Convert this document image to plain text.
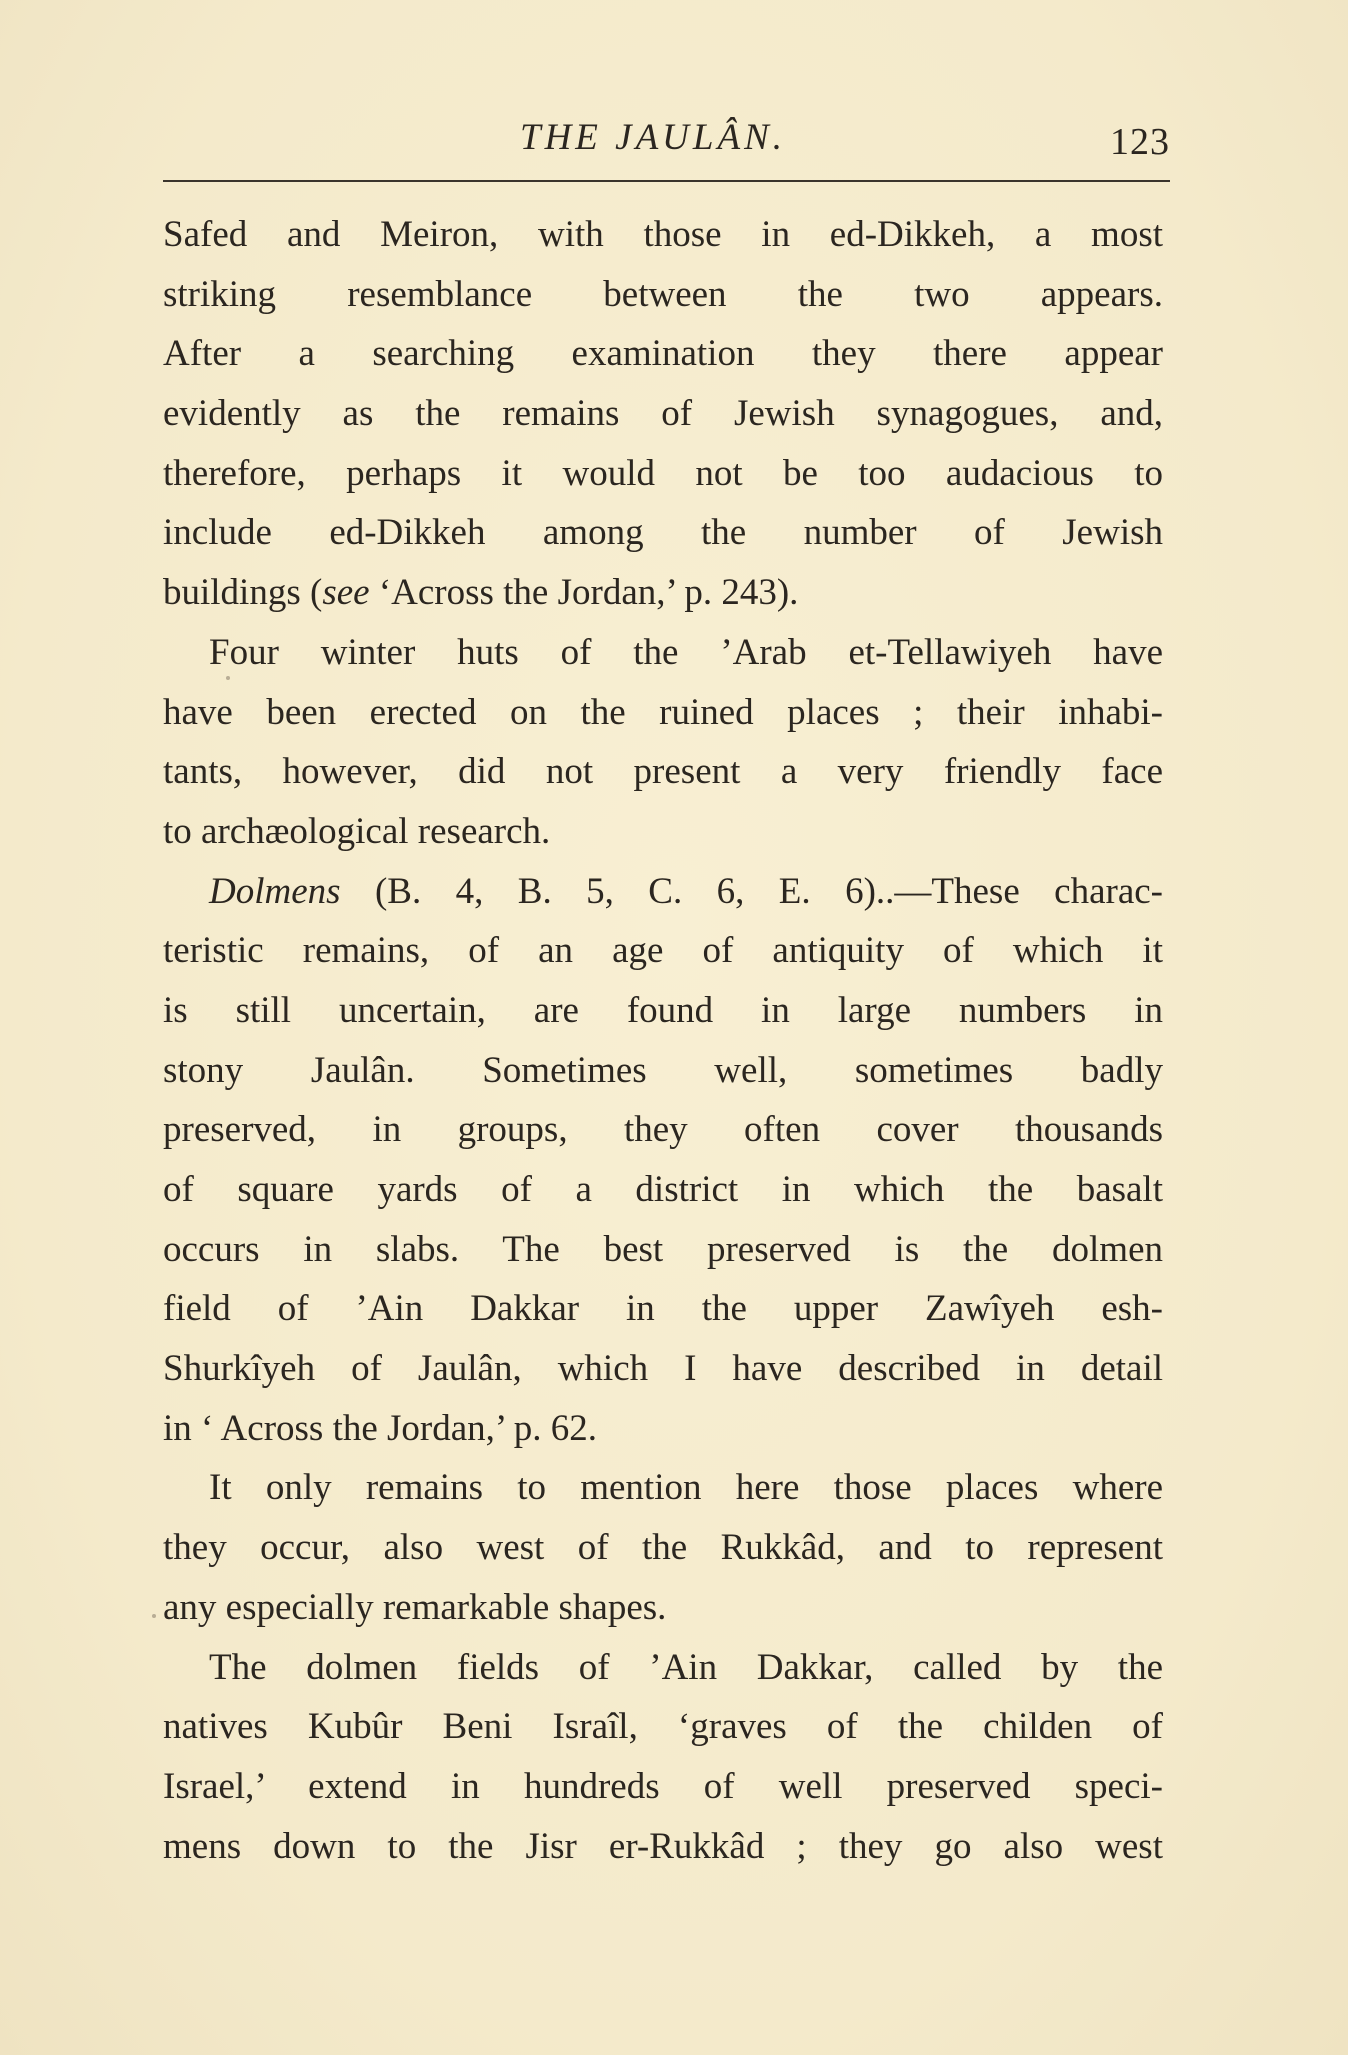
THE JAULÂN.	123
Safed and Meiron, with those in ed-Dikkeh, a most
striking resemblance between the two appears.
After a searching examination they there appear
evidently as the remains of Jewish synagogues, and,
therefore, perhaps it would not be too audacious to
include ed-Dikkeh among the number of Jewish
buildings (see ‘Across the Jordan,’ p. 243).
Four winter huts of the ’Arab et-Tellawiyeh have
have been erected on the ruined places ; their inhabi-
tants, however, did not present a very friendly face
to archæological research.
Dolmens (B. 4, B. 5, C. 6, E. 6)..—These charac-
teristic remains, of an age of antiquity of which it
is still uncertain, are found in large numbers in
stony Jaulân. Sometimes well, sometimes badly
preserved, in groups, they often cover thousands
of square yards of a district in which the basalt
occurs in slabs. The best preserved is the dolmen
field of ’Ain Dakkar in the upper Zawîyeh esh-
Shurkîyeh of Jaulân, which I have described in detail
in ‘ Across the Jordan,’ p. 62.
It only remains to mention here those places where
they occur, also west of the Rukkâd, and to represent
any especially remarkable shapes.
The dolmen fields of ’Ain Dakkar, called by the
natives Kubûr Beni Israîl, ‘graves of the childen of
Israel,’ extend in hundreds of well preserved speci-
mens down to the Jisr er-Rukkâd ; they go also west
